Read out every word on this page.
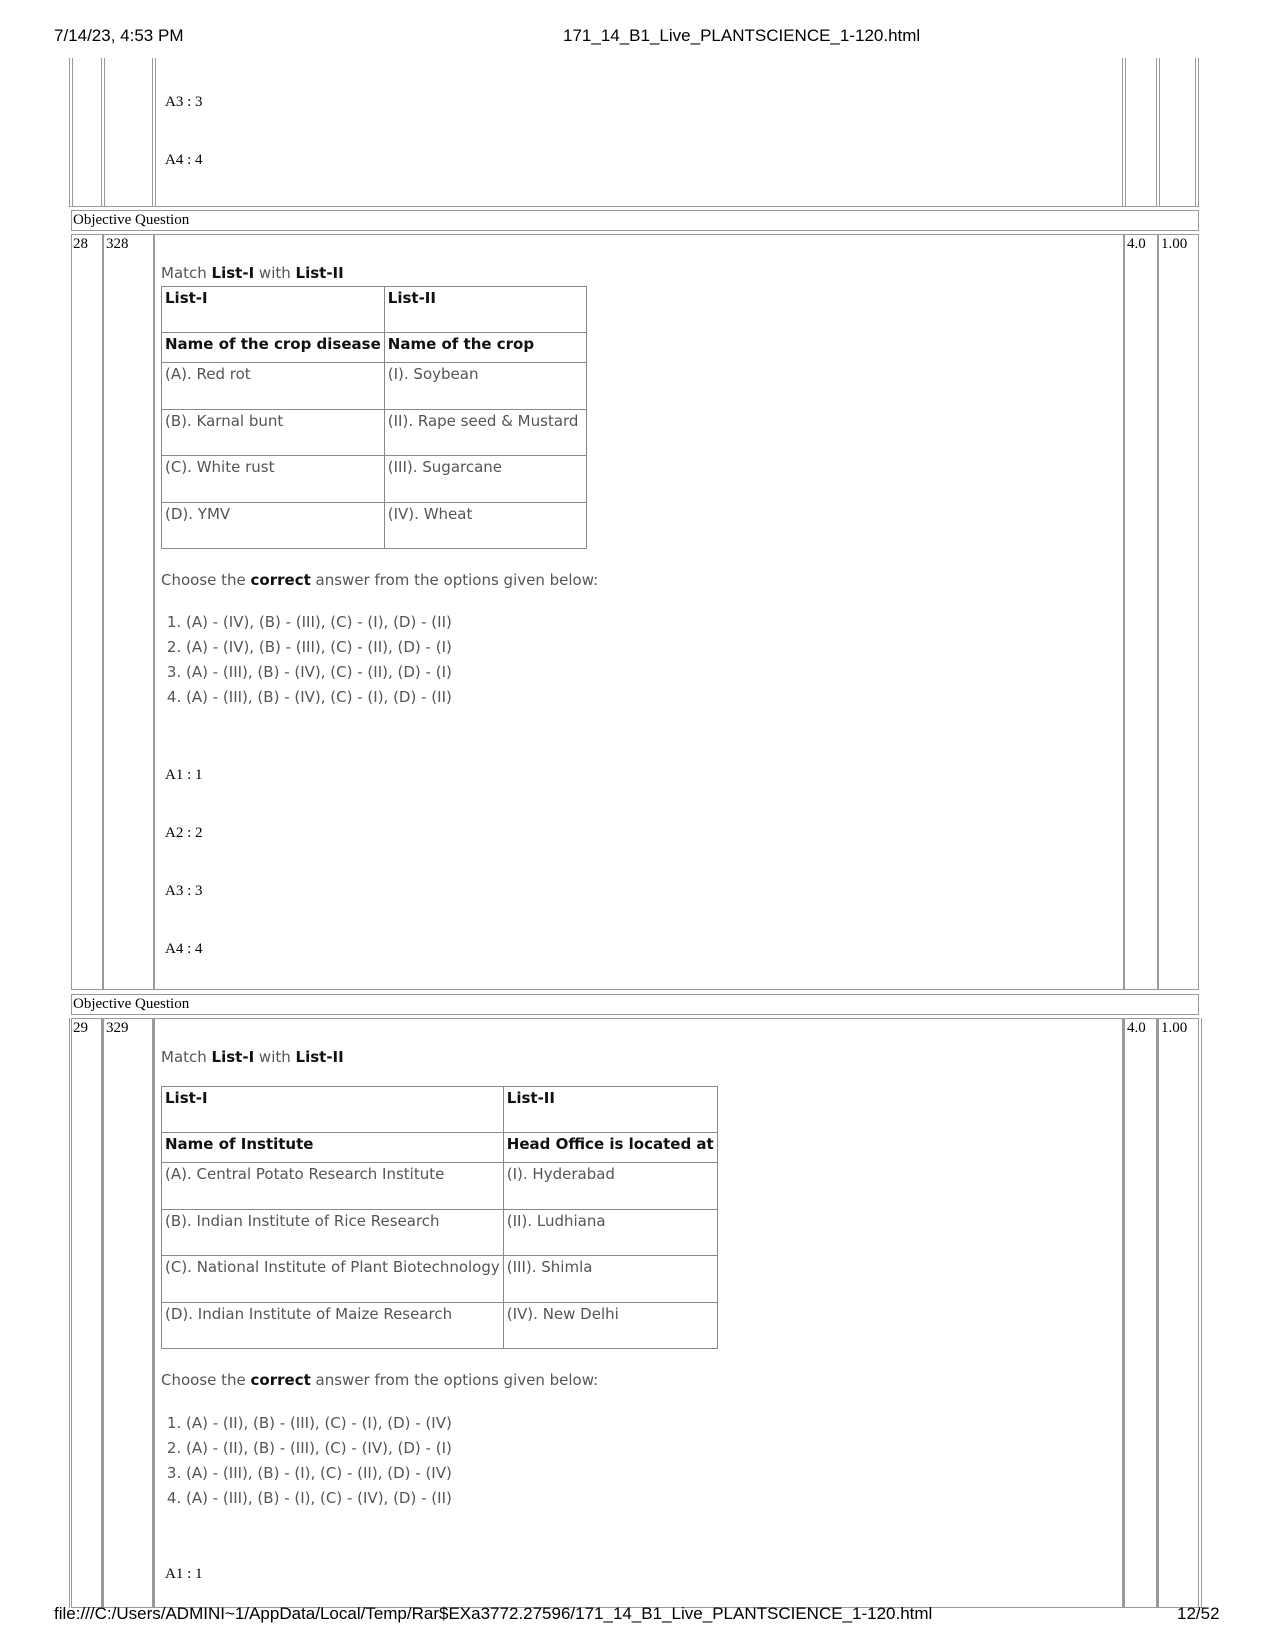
7/14/23, 4:53 PM	171_14_B1_Live_PLANTSCIENCE_1-120.html
A3 : 3
A4 : 4
Objective Question
28 328	4.0 1.00
Match List-I with List-II
List-I	List-II
Name of the crop disease	Name of the crop
(A). Red rot	(I). Soybean
(B). Karnal bunt	(II). Rape seed & Mustard
(C). White rust	(III). Sugarcane
(D). YMV	(IV). Wheat
Choose the correct answer from the options given below:
1. (A) - (IV), (B) - (III), (C) - (I), (D) - (II)
2. (A) - (IV), (B) - (III), (C) - (II), (D) - (I)
3. (A) - (III), (B) - (IV), (C) - (II), (D) - (I)
4. (A) - (III), (B) - (IV), (C) - (I), (D) - (II)
A1 : 1
A2 : 2
A3 : 3
A4 : 4
Objective Question
29 329	4.0 1.00
Match List-I with List-II
List-I	List-II
Name of Institute	Head Office is located at
(A). Central Potato Research Institute	(I). Hyderabad
(B). Indian Institute of Rice Research	(II). Ludhiana
(C). National Institute of Plant Biotechnology	(III). Shimla
(D). Indian Institute of Maize Research	(IV). New Delhi
Choose the correct answer from the options given below:
1. (A) - (II), (B) - (III), (C) - (I), (D) - (IV)
2. (A) - (II), (B) - (III), (C) - (IV), (D) - (I)
3. (A) - (III), (B) - (I), (C) - (II), (D) - (IV)
4. (A) - (III), (B) - (I), (C) - (IV), (D) - (II)
A1 : 1
file:///C:/Users/ADMINI~1/AppData/Local/Temp/Rar$EXa3772.27596/171_14_B1_Live_PLANTSCIENCE_1-120.html	12/52
